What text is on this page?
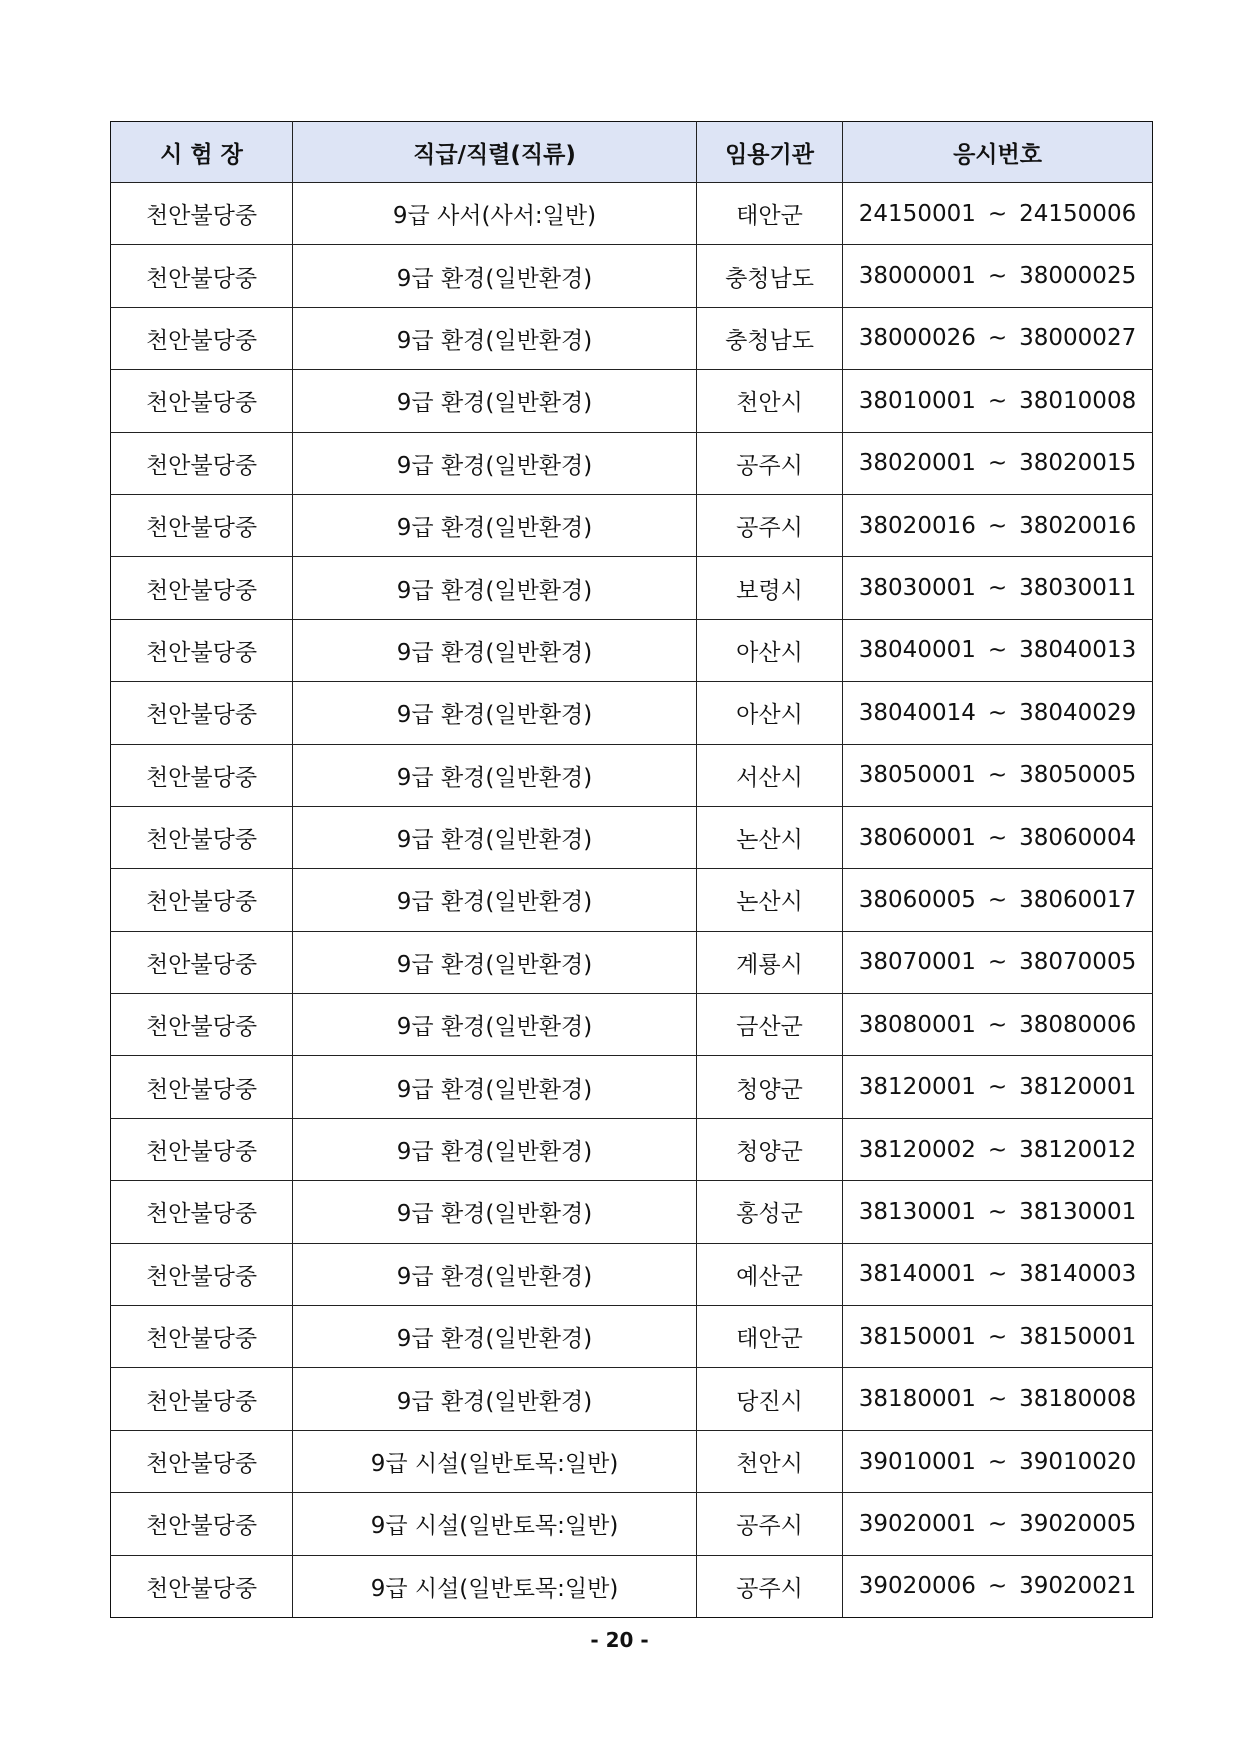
시 험 장	직급/직렬(직류)	임용기관	응시번호
천안불당중	9급 사서(사서:일반)	태안군	24150001 ~ 24150006
천안불당중	9급 환경(일반환경)	충청남도	38000001 ~ 38000025
천안불당중	9급 환경(일반환경)	충청남도	38000026 ~ 38000027
천안불당중	9급 환경(일반환경)	천안시	38010001 ~ 38010008
천안불당중	9급 환경(일반환경)	공주시	38020001 ~ 38020015
천안불당중	9급 환경(일반환경)	공주시	38020016 ~ 38020016
천안불당중	9급 환경(일반환경)	보령시	38030001 ~ 38030011
천안불당중	9급 환경(일반환경)	아산시	38040001 ~ 38040013
천안불당중	9급 환경(일반환경)	아산시	38040014 ~ 38040029
천안불당중	9급 환경(일반환경)	서산시	38050001 ~ 38050005
천안불당중	9급 환경(일반환경)	논산시	38060001 ~ 38060004
천안불당중	9급 환경(일반환경)	논산시	38060005 ~ 38060017
천안불당중	9급 환경(일반환경)	계룡시	38070001 ~ 38070005
천안불당중	9급 환경(일반환경)	금산군	38080001 ~ 38080006
천안불당중	9급 환경(일반환경)	청양군	38120001 ~ 38120001
천안불당중	9급 환경(일반환경)	청양군	38120002 ~ 38120012
천안불당중	9급 환경(일반환경)	홍성군	38130001 ~ 38130001
천안불당중	9급 환경(일반환경)	예산군	38140001 ~ 38140003
천안불당중	9급 환경(일반환경)	태안군	38150001 ~ 38150001
천안불당중	9급 환경(일반환경)	당진시	38180001 ~ 38180008
천안불당중	9급 시설(일반토목:일반)	천안시	39010001 ~ 39010020
천안불당중	9급 시설(일반토목:일반)	공주시	39020001 ~ 39020005
천안불당중	9급 시설(일반토목:일반)	공주시	39020006 ~ 39020021
- 20 -
